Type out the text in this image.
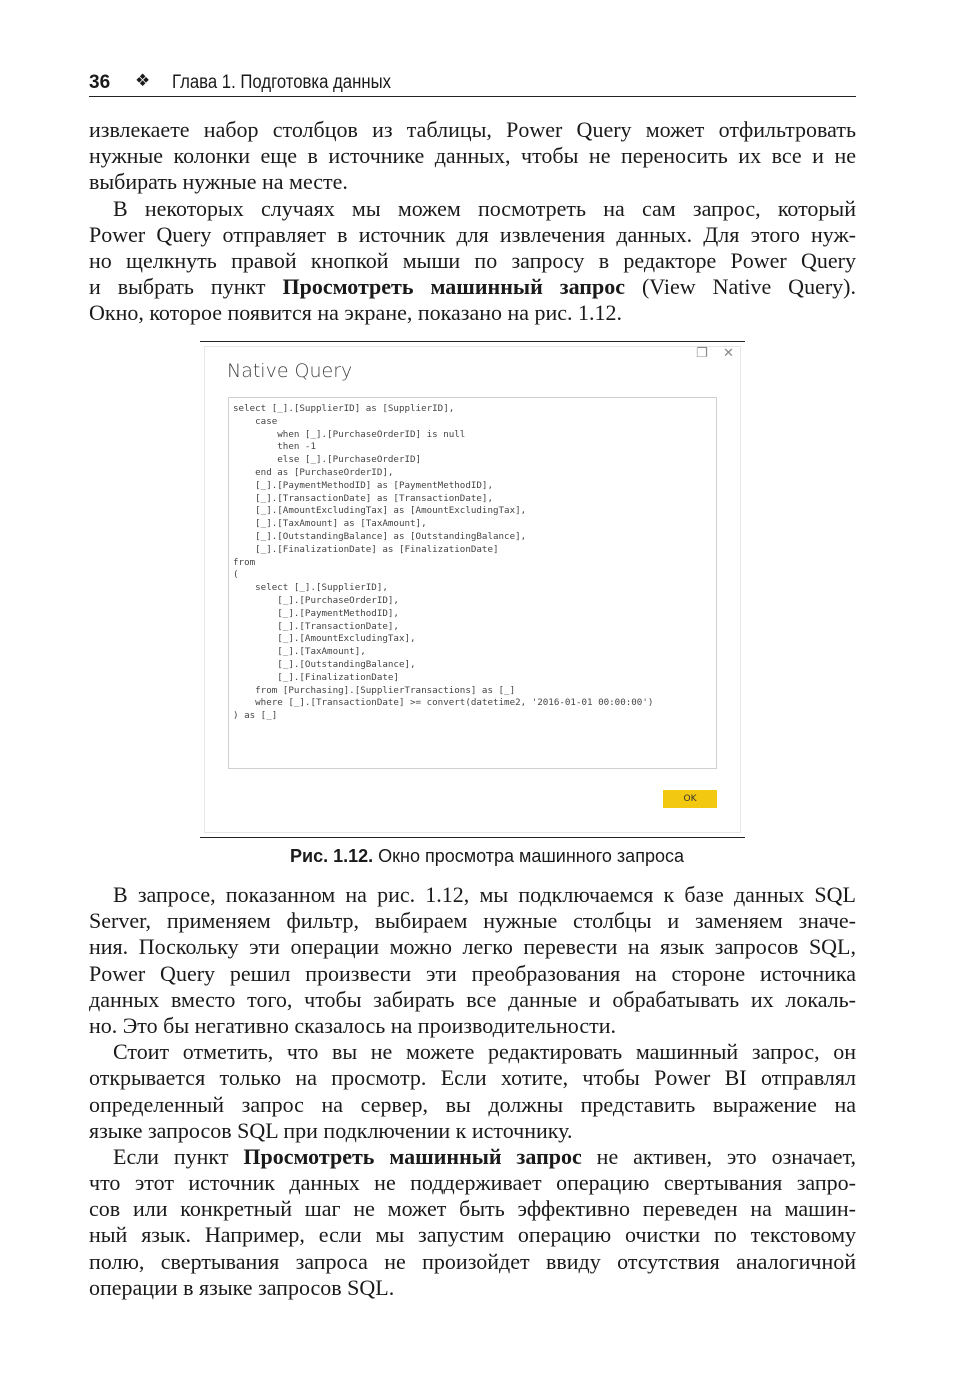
36 ❖ Глава 1. Подготовка данных
извлекаете набор столбцов из таблицы, Power Query может отфильтровать
нужные колонки еще в источнике данных, чтобы не переносить их все и не
выбирать нужные на месте.
В некоторых случаях мы можем посмотреть на сам запрос, который
Power Query отправляет в источник для извлечения данных. Для этого нуж-
но щелкнуть правой кнопкой мыши по запросу в редакторе Power Query
и выбрать пункт Просмотреть машинный запрос (View Native Query).
Окно, которое появится на экране, показано на рис. 1.12.
❐ ✕
Native Query
select [_].[SupplierID] as [SupplierID],
case
when [_].[PurchaseOrderID] is null
then -1
else [_].[PurchaseOrderID]
end as [PurchaseOrderID],
[_].[PaymentMethodID] as [PaymentMethodID],
[_].[TransactionDate] as [TransactionDate],
[_].[AmountExcludingTax] as [AmountExcludingTax],
[_].[TaxAmount] as [TaxAmount],
[_].[OutstandingBalance] as [OutstandingBalance],
[_].[FinalizationDate] as [FinalizationDate]
from
(
select [_].[SupplierID],
[_].[PurchaseOrderID],
[_].[PaymentMethodID],
[_].[TransactionDate],
[_].[AmountExcludingTax],
[_].[TaxAmount],
[_].[OutstandingBalance],
[_].[FinalizationDate]
from [Purchasing].[SupplierTransactions] as [_]
where [_].[TransactionDate] >= convert(datetime2, '2016-01-01 00:00:00')
) as [_]
OK
Рис. 1.12. Окно просмотра машинного запроса
В запросе, показанном на рис. 1.12, мы подключаемся к базе данных SQL
Server, применяем фильтр, выбираем нужные столбцы и заменяем значе-
ния. Поскольку эти операции можно легко перевести на язык запросов SQL,
Power Query решил произвести эти преобразования на стороне источника
данных вместо того, чтобы забирать все данные и обрабатывать их локаль-
но. Это бы негативно сказалось на производительности.
Стоит отметить, что вы не можете редактировать машинный запрос, он
открывается только на просмотр. Если хотите, чтобы Power BI отправлял
определенный запрос на сервер, вы должны представить выражение на
языке запросов SQL при подключении к источнику.
Если пункт Просмотреть машинный запрос не активен, это означает,
что этот источник данных не поддерживает операцию свертывания запро-
сов или конкретный шаг не может быть эффективно переведен на машин-
ный язык. Например, если мы запустим операцию очистки по текстовому
полю, свертывания запроса не произойдет ввиду отсутствия аналогичной
операции в языке запросов SQL.
